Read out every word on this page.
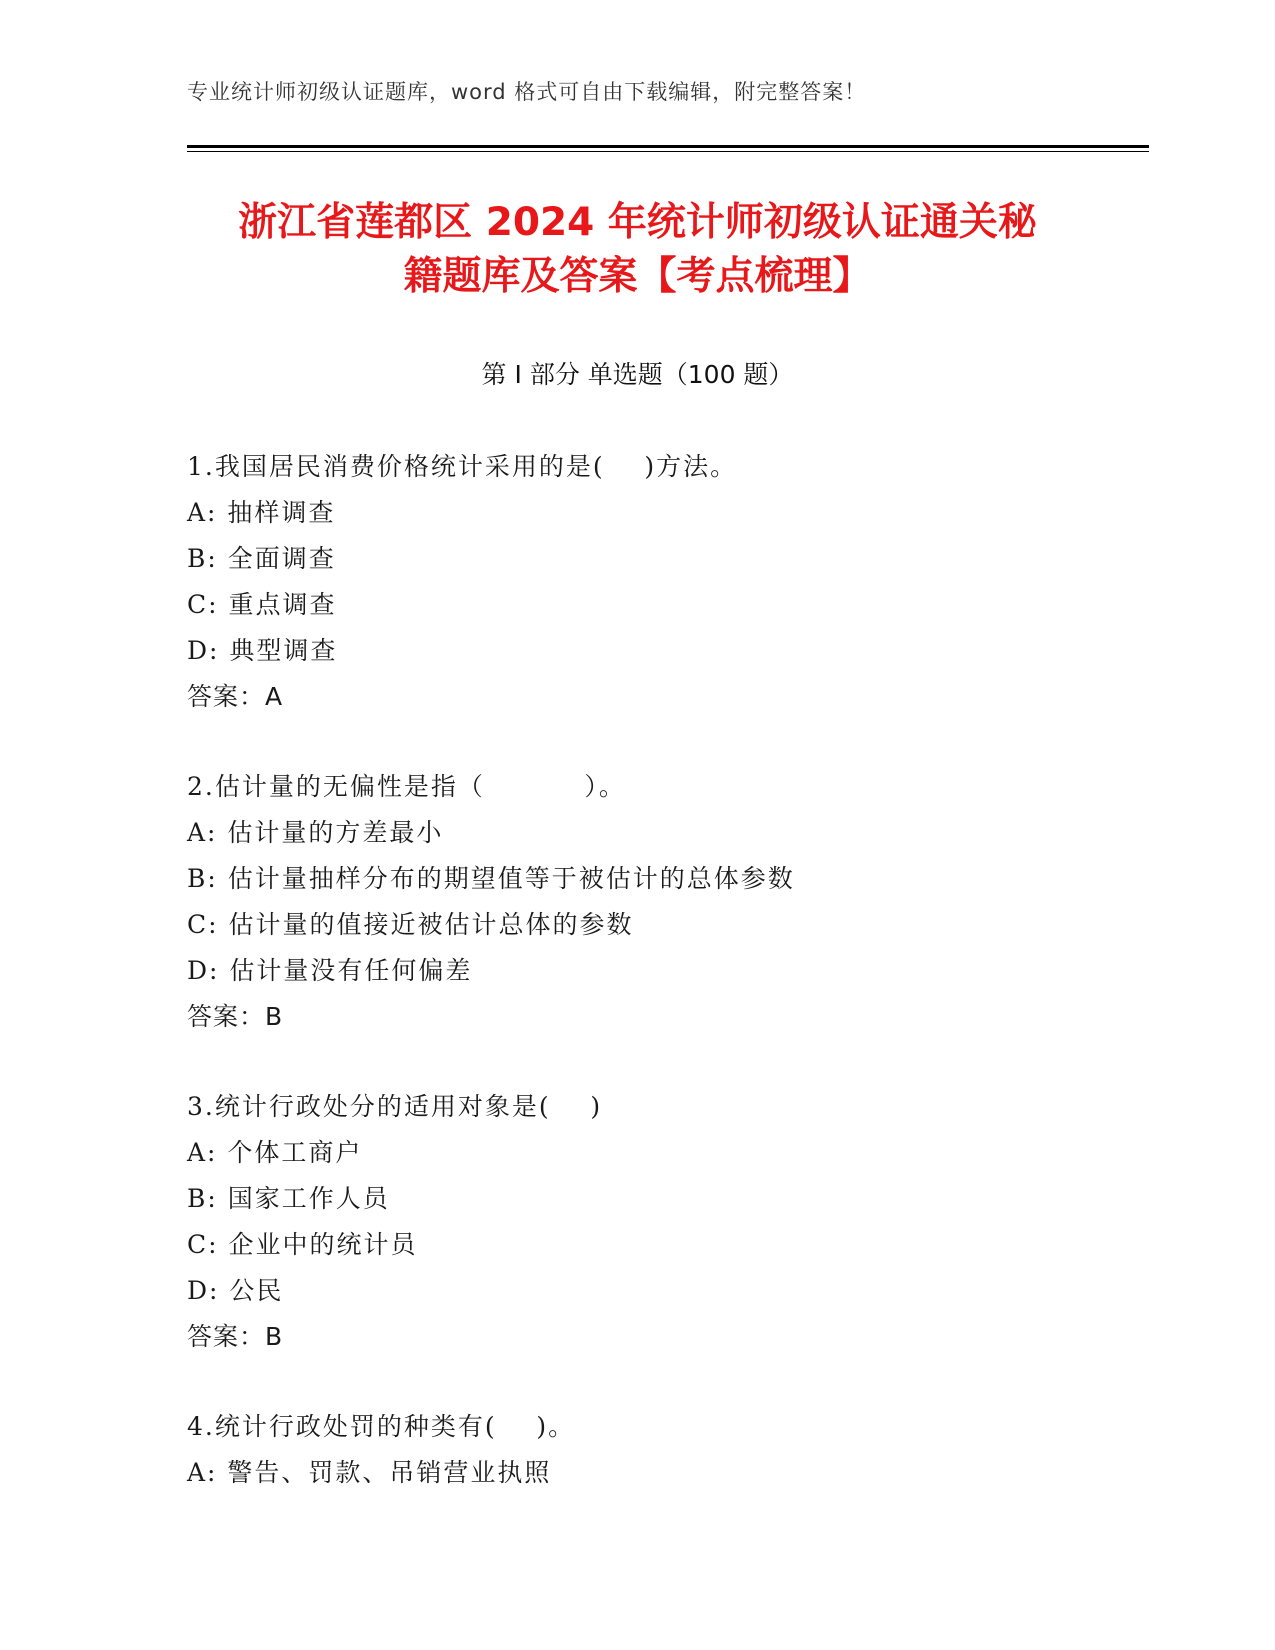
专业统计师初级认证题库，word 格式可自由下载编辑，附完整答案！
浙江省莲都区 2024 年统计师初级认证通关秘
籍题库及答案【考点梳理】
第 I 部分 单选题（100 题）
1.我国居民消费价格统计采用的是(    )方法。
A: 抽样调查
B: 全面调查
C: 重点调查
D: 典型调查
答案：A
2.估计量的无偏性是指（          ）。
A: 估计量的方差最小
B: 估计量抽样分布的期望值等于被估计的总体参数
C: 估计量的值接近被估计总体的参数
D: 估计量没有任何偏差
答案：B
3.统计行政处分的适用对象是(    )
A: 个体工商户
B: 国家工作人员
C: 企业中的统计员
D: 公民
答案：B
4.统计行政处罚的种类有(    )。
A: 警告、罚款、吊销营业执照
